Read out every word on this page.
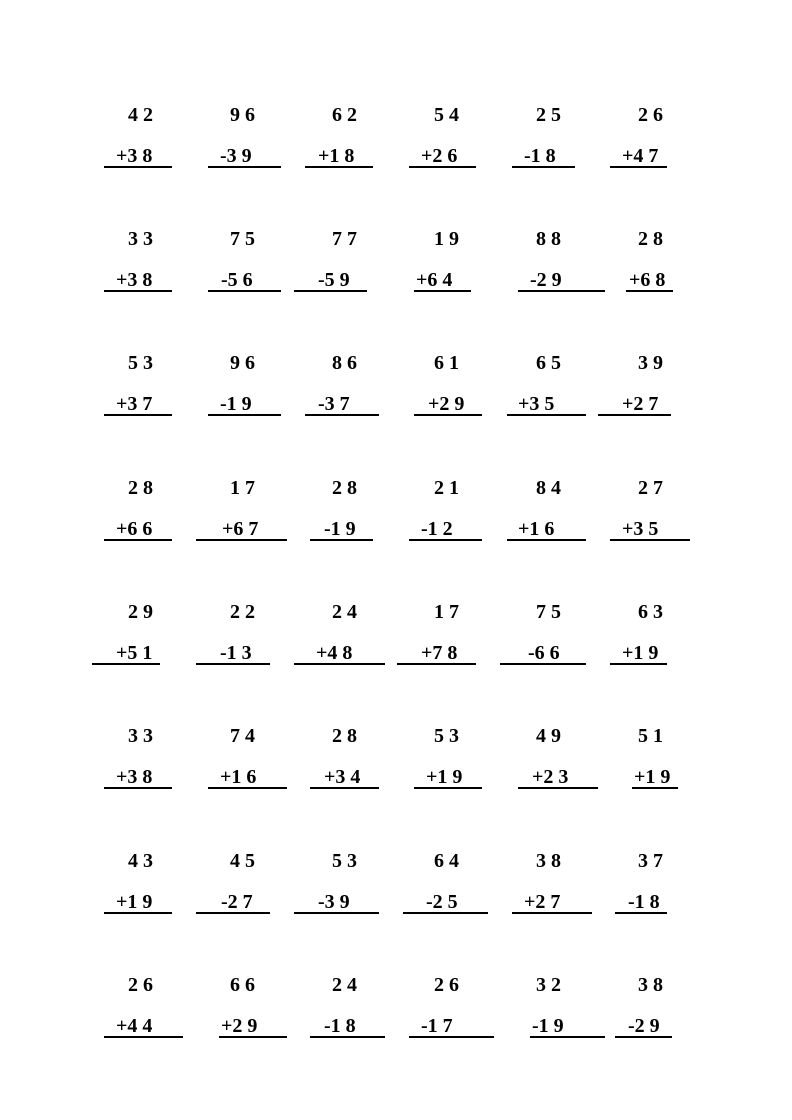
4 2
+3 8
9 6
-3 9
6 2
+1 8
5 4
+2 6
2 5
-1 8
2 6
+4 7
3 3
+3 8
7 5
-5 6
7 7
-5 9
1 9
+6 4
8 8
-2 9
2 8
+6 8
5 3
+3 7
9 6
-1 9
8 6
-3 7
6 1
+2 9
6 5
+3 5
3 9
+2 7
2 8
+6 6
1 7
+6 7
2 8
-1 9
2 1
-1 2
8 4
+1 6
2 7
+3 5
2 9
+5 1
2 2
-1 3
2 4
+4 8
1 7
+7 8
7 5
-6 6
6 3
+1 9
3 3
+3 8
7 4
+1 6
2 8
+3 4
5 3
+1 9
4 9
+2 3
5 1
+1 9
4 3
+1 9
4 5
-2 7
5 3
-3 9
6 4
-2 5
3 8
+2 7
3 7
-1 8
2 6
+4 4
6 6
+2 9
2 4
-1 8
2 6
-1 7
3 2
-1 9
3 8
-2 9
